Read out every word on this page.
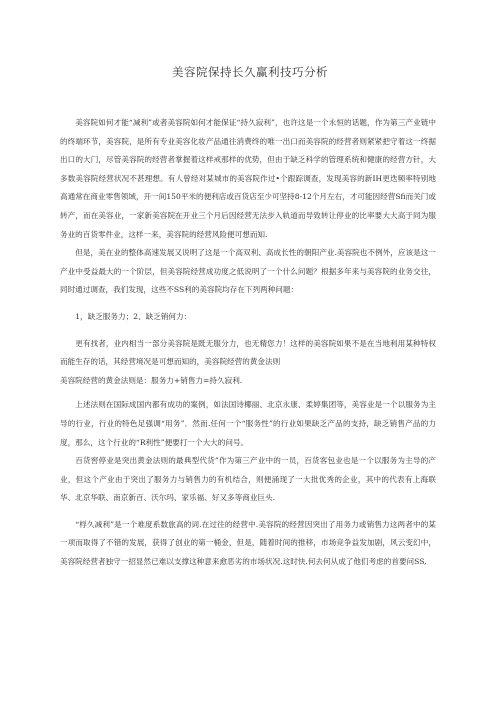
美容院保持长久赢利技巧分析

美容院如何才能“减利”或者美容院如何才能保证“持久寂利”，也许这是一个永恒的话题，作为第三产业链中的终端环节，美容院，是所有专业美容化妆产品通往消费终的唯一出口而美容院的经营者则紧紧把守着这一终据出口的大门，尽管美容院的经营者掌握着这样戒那样的优势，但由于缺乏科学的管理系统和健康的经营方针，大多数美容院经营状况不甚理想。有人曾经对某城市的美容院作过•个跟踪调查，发现美容的新IH更迭频率特别地高通常在商业零售领域，开一间150平米的便利店或百货店至少可坚持8-12个月左右，才可能因经营Sfi而关门或转产，而在美容业，一家新美容院在开业三个月后因经营无法步入轨道而导致转让停业的比率要大大高于同为服务业的百货零件业，这样一来，美容院的经营风险便可想而知.

但是，美在业的整体高速发展又说明了这是一个高双利、高成长性的朝阳产业.美容院也不例外，应该是这一产业中受益最大的一个阶层，但美容院经营成功度之低说明了一个什么问题？根据多年来与美容院的业务交往，同时通过调查，我们发现，这些不SS利的美容院均存在下列两种问题：

1，缺乏服务力；2、缺乏销何力：

更有找者，业内相当一部分美容院是既无服分力，也无精您力！这样的美容院如果不是在当地利用某种特权而能生存的话，其经营境况是可想而知的，美容院经营的黄金法则

美容院经营的黄金法则是：服务力+销售力=持久寂利.

上述法则在国际成国内都有成功的案例，如法国诗椰丽、北京永康、柔婷集团等，美容业是一个以服务为主导的行业，行业的特色足强调“用务”．然而.任何一个“服务性”的行业如果缺乏产品的支持，缺乏销售产品的力度，那么，这个行业的“R利性”便要打一个大大的问号。

百货窖停业是突出黄金法则的最典型代货”作为第三产业中的一员，百货客包业也是一个以服务为主导的产业，但这个产业由于突出了服务力与销售力的有机结合，则便涌现了一大批优秀的企业，其中的代表有上海联华、北京华联、南京新百、沃尔玛、家乐福、好又多等商业巨头.

“桴久减利”是一个难度系数旅高的词.在过往的经营中.美容院的经营因突出了用务力或销售力这两者中的某一项而取得了不错的发展，获得了创业的第一桶金，但是，随着时间的推移，市场竞争益发加剧，风云变幻中，美容院经营者独守一招显然已难以支撑这种意来愈恶劣的市场状况.这时快.何去何从成了他们考虑的首要问SS,
